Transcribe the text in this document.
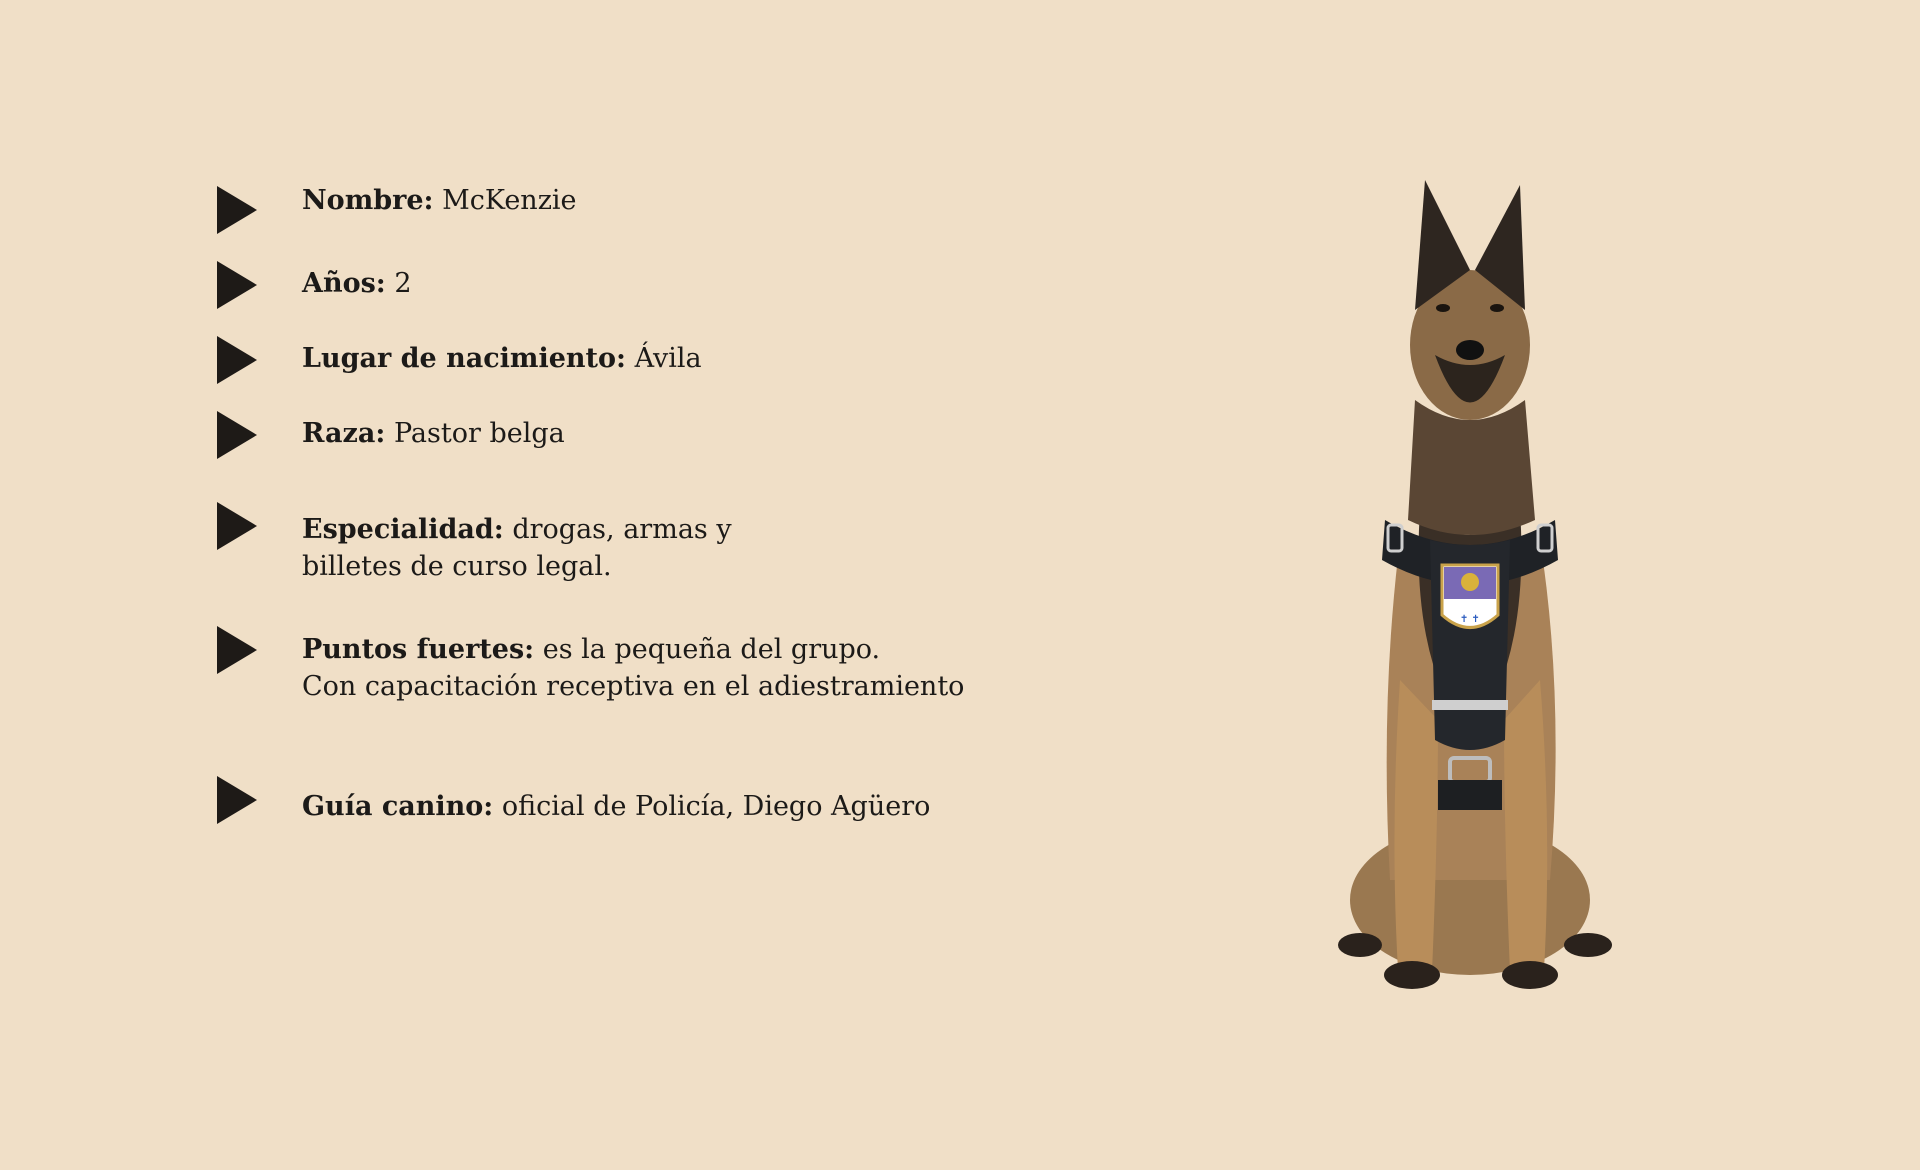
Nombre: McKenzie
Años: 2
Lugar de nacimiento: Ávila
Raza: Pastor belga
Especialidad: drogas, armas y
billetes de curso legal.
Puntos fuertes: es la pequeña del grupo.
Con capacitación receptiva en el adiestramiento
Guía canino: oficial de Policía, Diego Agüero
✝ ✝
